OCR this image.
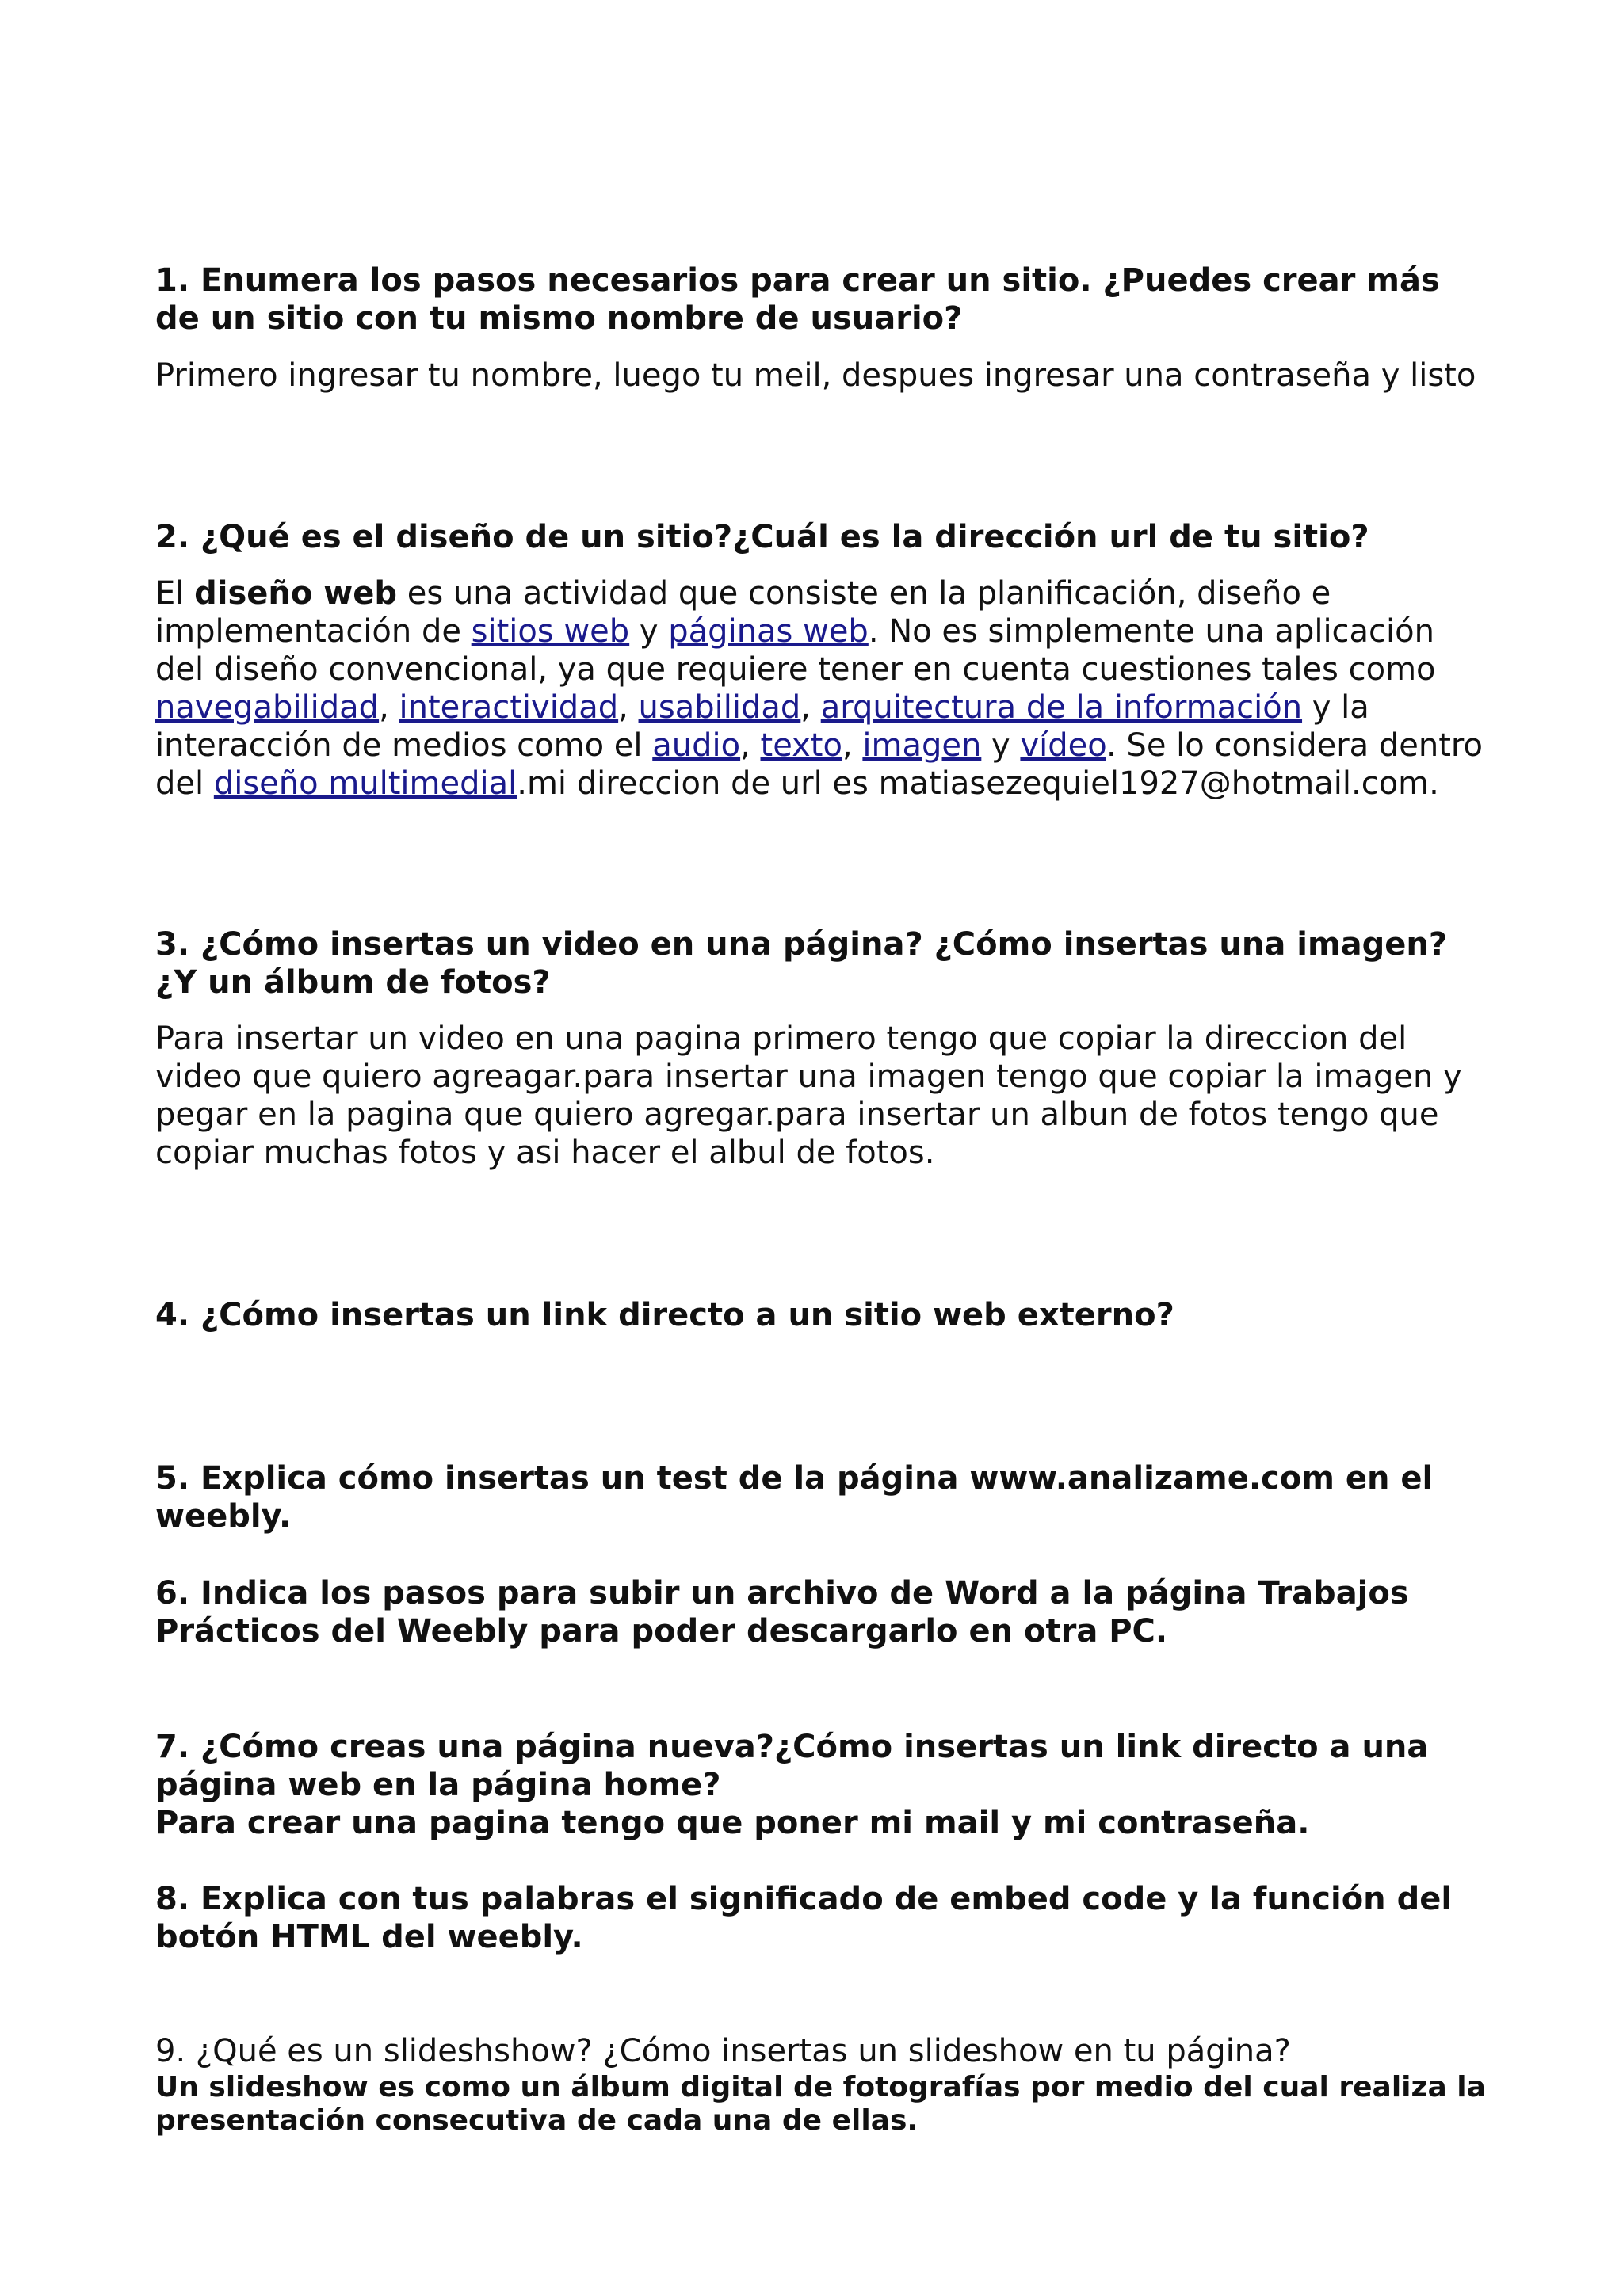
1. Enumera los pasos necesarios para crear un sitio. ¿Puedes crear más de un sitio con tu mismo nombre de usuario?

Primero ingresar tu nombre, luego tu meil, despues ingresar una contraseña y listo

2. ¿Qué es el diseño de un sitio?¿Cuál es la dirección url de tu sitio?

El diseño web es una actividad que consiste en la planificación, diseño e implementación de sitios web y páginas web. No es simplemente una aplicación del diseño convencional, ya que requiere tener en cuenta cuestiones tales como navegabilidad, interactividad, usabilidad, arquitectura de la información y la interacción de medios como el audio, texto, imagen y vídeo. Se lo considera dentro del diseño multimedial.mi direccion de url es matiasezequiel1927@hotmail.com.

3. ¿Cómo insertas un video en una página? ¿Cómo insertas una imagen? ¿Y un álbum de fotos?

Para insertar un video en una pagina primero tengo que copiar la direccion del video que quiero agreagar.para insertar una imagen tengo que copiar la imagen y pegar en la pagina que quiero agregar.para insertar un albun de fotos tengo que copiar muchas fotos y asi hacer el albul de fotos.

4. ¿Cómo insertas un link directo a un sitio web externo?

5. Explica cómo insertas un test de la página www.analizame.com en el weebly.

6. Indica los pasos para subir un archivo de Word a la página Trabajos Prácticos del Weebly para poder descargarlo en otra PC.

7. ¿Cómo creas una página nueva?¿Cómo insertas un link directo a una página web en la página home?

Para crear una pagina tengo que poner mi mail y mi contraseña.

8. Explica con tus palabras el significado de embed code y la función del botón HTML del weebly.

9. ¿Qué es un slideshshow? ¿Cómo insertas un slideshow en tu página?

Un slideshow es como un álbum digital de fotografías por medio del cual realiza la presentación consecutiva de cada una de ellas.
